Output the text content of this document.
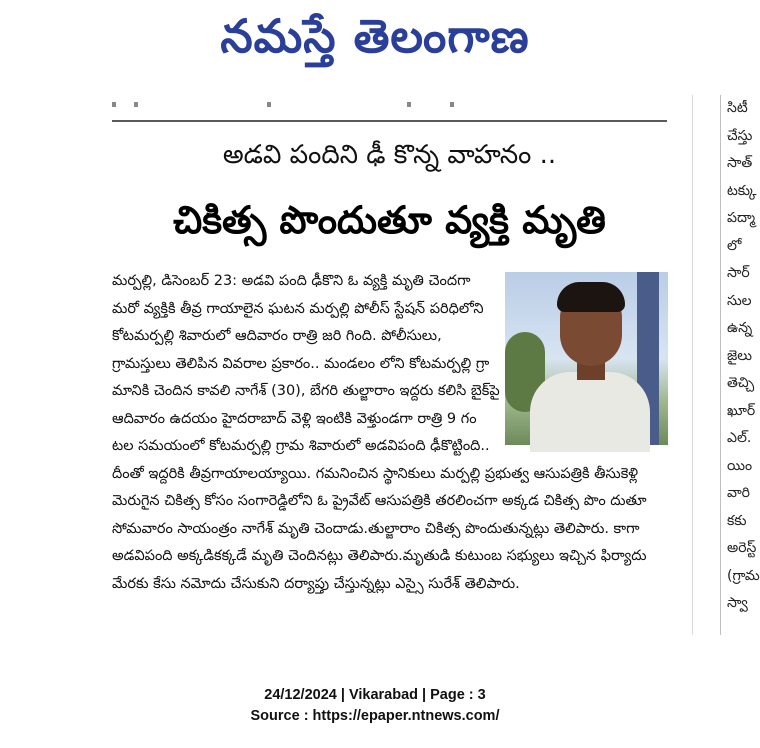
నమస్తే తెలంగాణ
అడవి పందిని ఢీ కొన్న వాహనం ..
చికిత్స పొందుతూ వ్యక్తి మృతి
మర్పల్లి, డిసెంబర్ 23: అడవి పంది ఢీకొని ఓ వ్యక్తి మృతి చెందగా మరో వ్యక్తికి తీవ్ర గాయాలైన ఘటన మర్పల్లి పోలీస్ స్టేషన్ పరిధిలోని కోటమర్పల్లి శివారులో ఆదివారం రాత్రి జరి గింది. పోలీసులు, గ్రామస్తులు తెలిపిన వివరాల ప్రకారం.. మండలం లోని కోటమర్పల్లి గ్రా మానికి చెందిన కావలి నాగేశ్ (30), బేగరి తుల్జారాం ఇద్దరు కలిసి బైక్‌పై ఆదివారం ఉదయం హైదరాబాద్ వెళ్లి ఇంటికి వెళ్తుండగా రాత్రి 9 గం టల సమయంలో కోటమర్పల్లి గ్రామ శివారులో అడవిపంది ఢీకొట్టింది.. దీంతో ఇద్దరికి తీవ్రగాయాలయ్యాయి. గమనించిన స్థానికులు మర్పల్లి ప్రభుత్వ ఆసుపత్రికి తీసుకెళ్లి మెరుగైన చికిత్స కోసం సంగారెడ్డిలోని ఓ ప్రైవేట్ ఆసుపత్రికి తరలించగా అక్కడ చికిత్స పొం దుతూ సోమవారం సాయంత్రం నాగేశ్ మృతి చెందాడు.తుల్జారాం చికిత్స పొందుతున్నట్లు తెలిపారు. కాగా అడవిపంది అక్కడికక్కడే మృతి చెందినట్లు తెలిపారు.మృతుడి కుటుంబ సభ్యులు ఇచ్చిన ఫిర్యాదు మేరకు కేసు నమోదు చేసుకుని దర్యాప్తు చేస్తున్నట్లు ఎస్సై సురేశ్ తెలిపారు.
సిటీ
చేస్తు
సాత్
టక్కు
పద్మా
లో
సార్
సుల
ఉన్న
జైలు
తెచ్చి
ఖూర్
ఎల్.
యిం
వారి
కకు
అరెస్ట్
(గ్రామ
స్వా
24/12/2024 | Vikarabad | Page : 3
Source : https://epaper.ntnews.com/
